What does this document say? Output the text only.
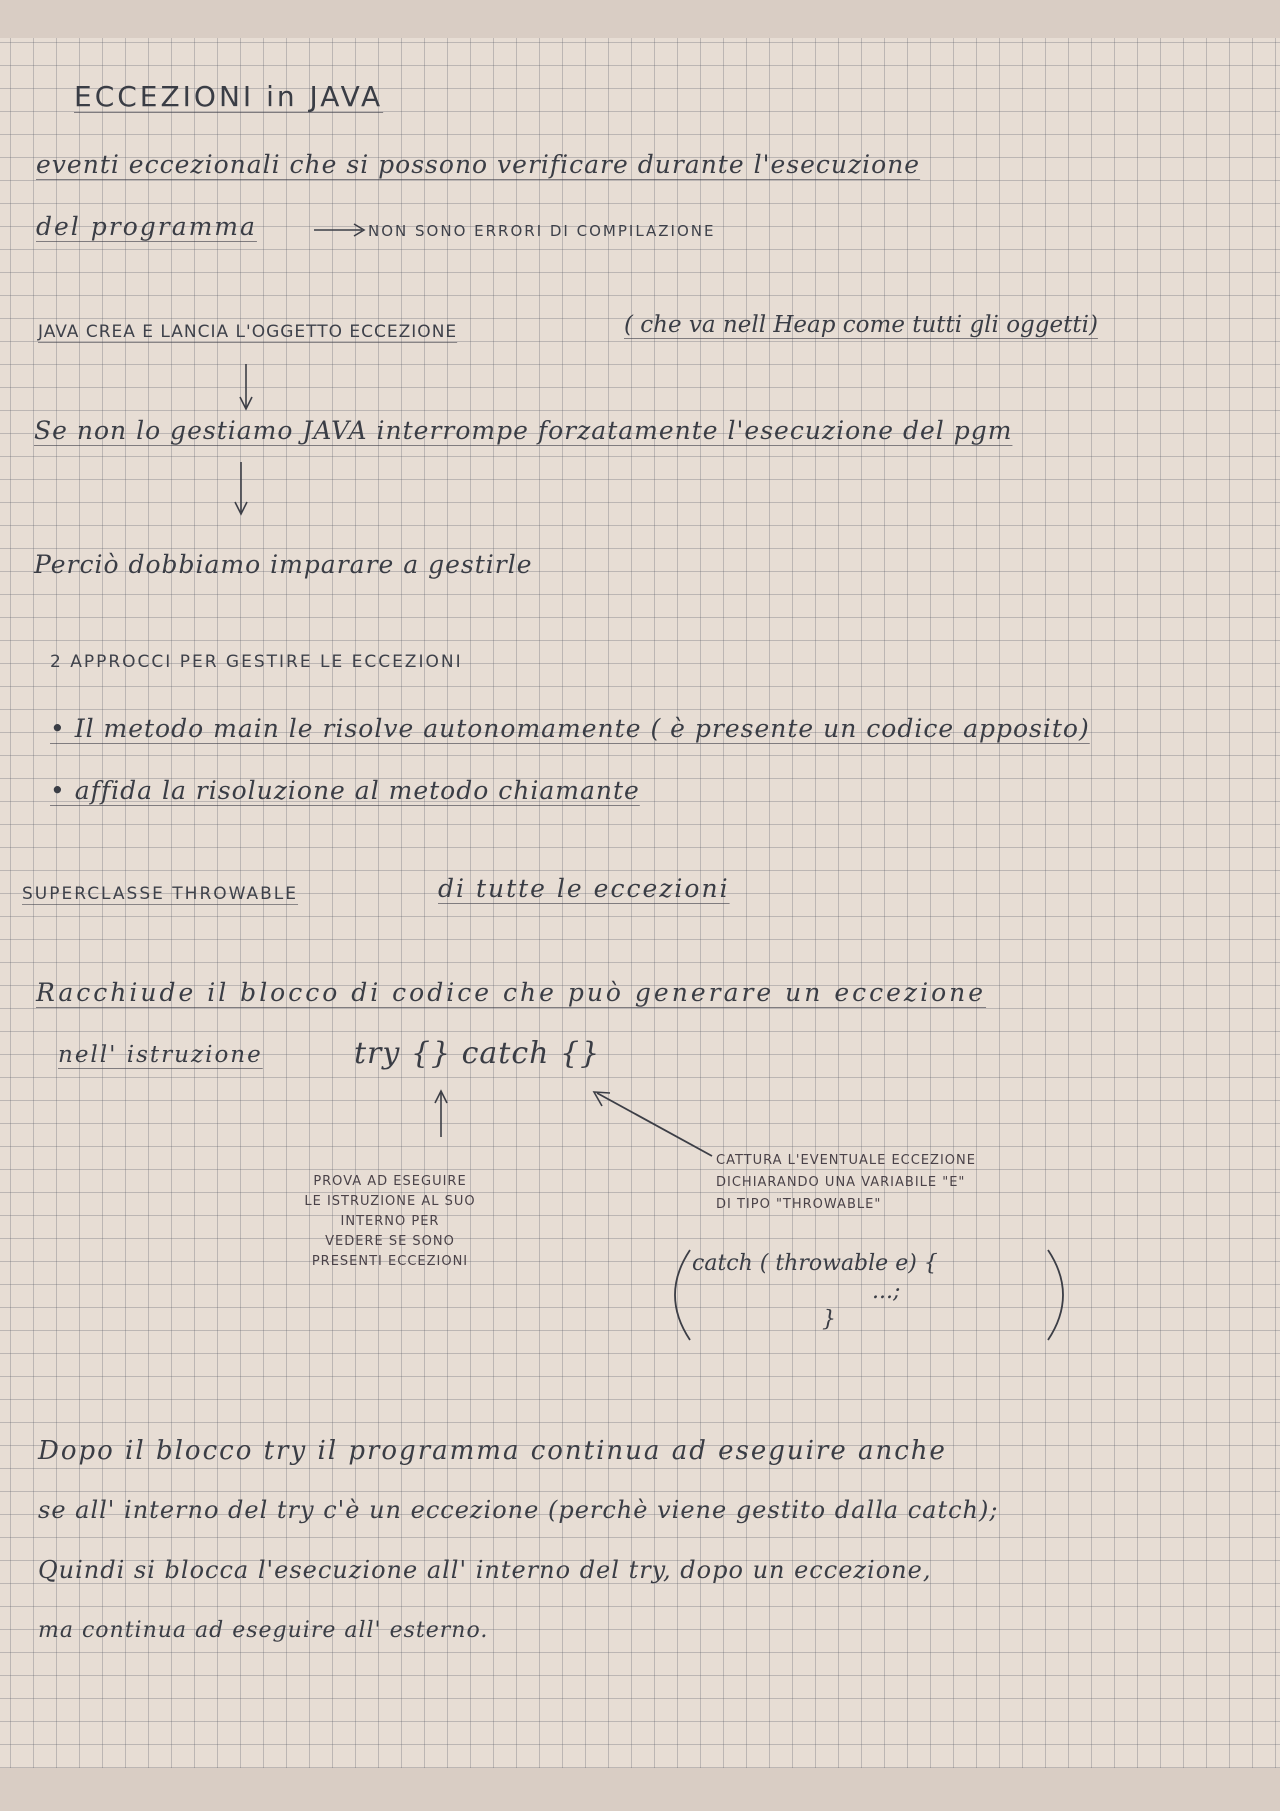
ECCEZIONI in JAVA
eventi eccezionali che si possono verificare durante l'esecuzione
del programma	NON SONO ERRORI DI COMPILAZIONE
JAVA CREA E LANCIA L'OGGETTO ECCEZIONE	( che va nell Heap come tutti gli oggetti)
Se non lo gestiamo JAVA interrompe forzatamente l'esecuzione del pgm
Perciò dobbiamo imparare a gestirle
2 APPROCCI PER GESTIRE LE ECCEZIONI
• Il metodo main le risolve autonomamente ( è presente un codice apposito)
• affida la risoluzione al metodo chiamante
SUPERCLASSE THROWABLE	di tutte le eccezioni
Racchiude il blocco di codice che può generare un eccezione
nell' istruzione	try {} catch {}
PROVA AD ESEGUIRE
LE ISTRUZIONE AL SUO
INTERNO PER
VEDERE SE SONO
PRESENTI ECCEZIONI
CATTURA L'EVENTUALE ECCEZIONE
DICHIARANDO UNA VARIABILE "E"
DI TIPO "THROWABLE"
catch ( throwable e) {
...;
}
Dopo il blocco try il programma continua ad eseguire anche
se all' interno del try c'è un eccezione (perchè viene gestito dalla catch);
Quindi si blocca l'esecuzione all' interno del try, dopo un eccezione,
ma continua ad eseguire all' esterno.
